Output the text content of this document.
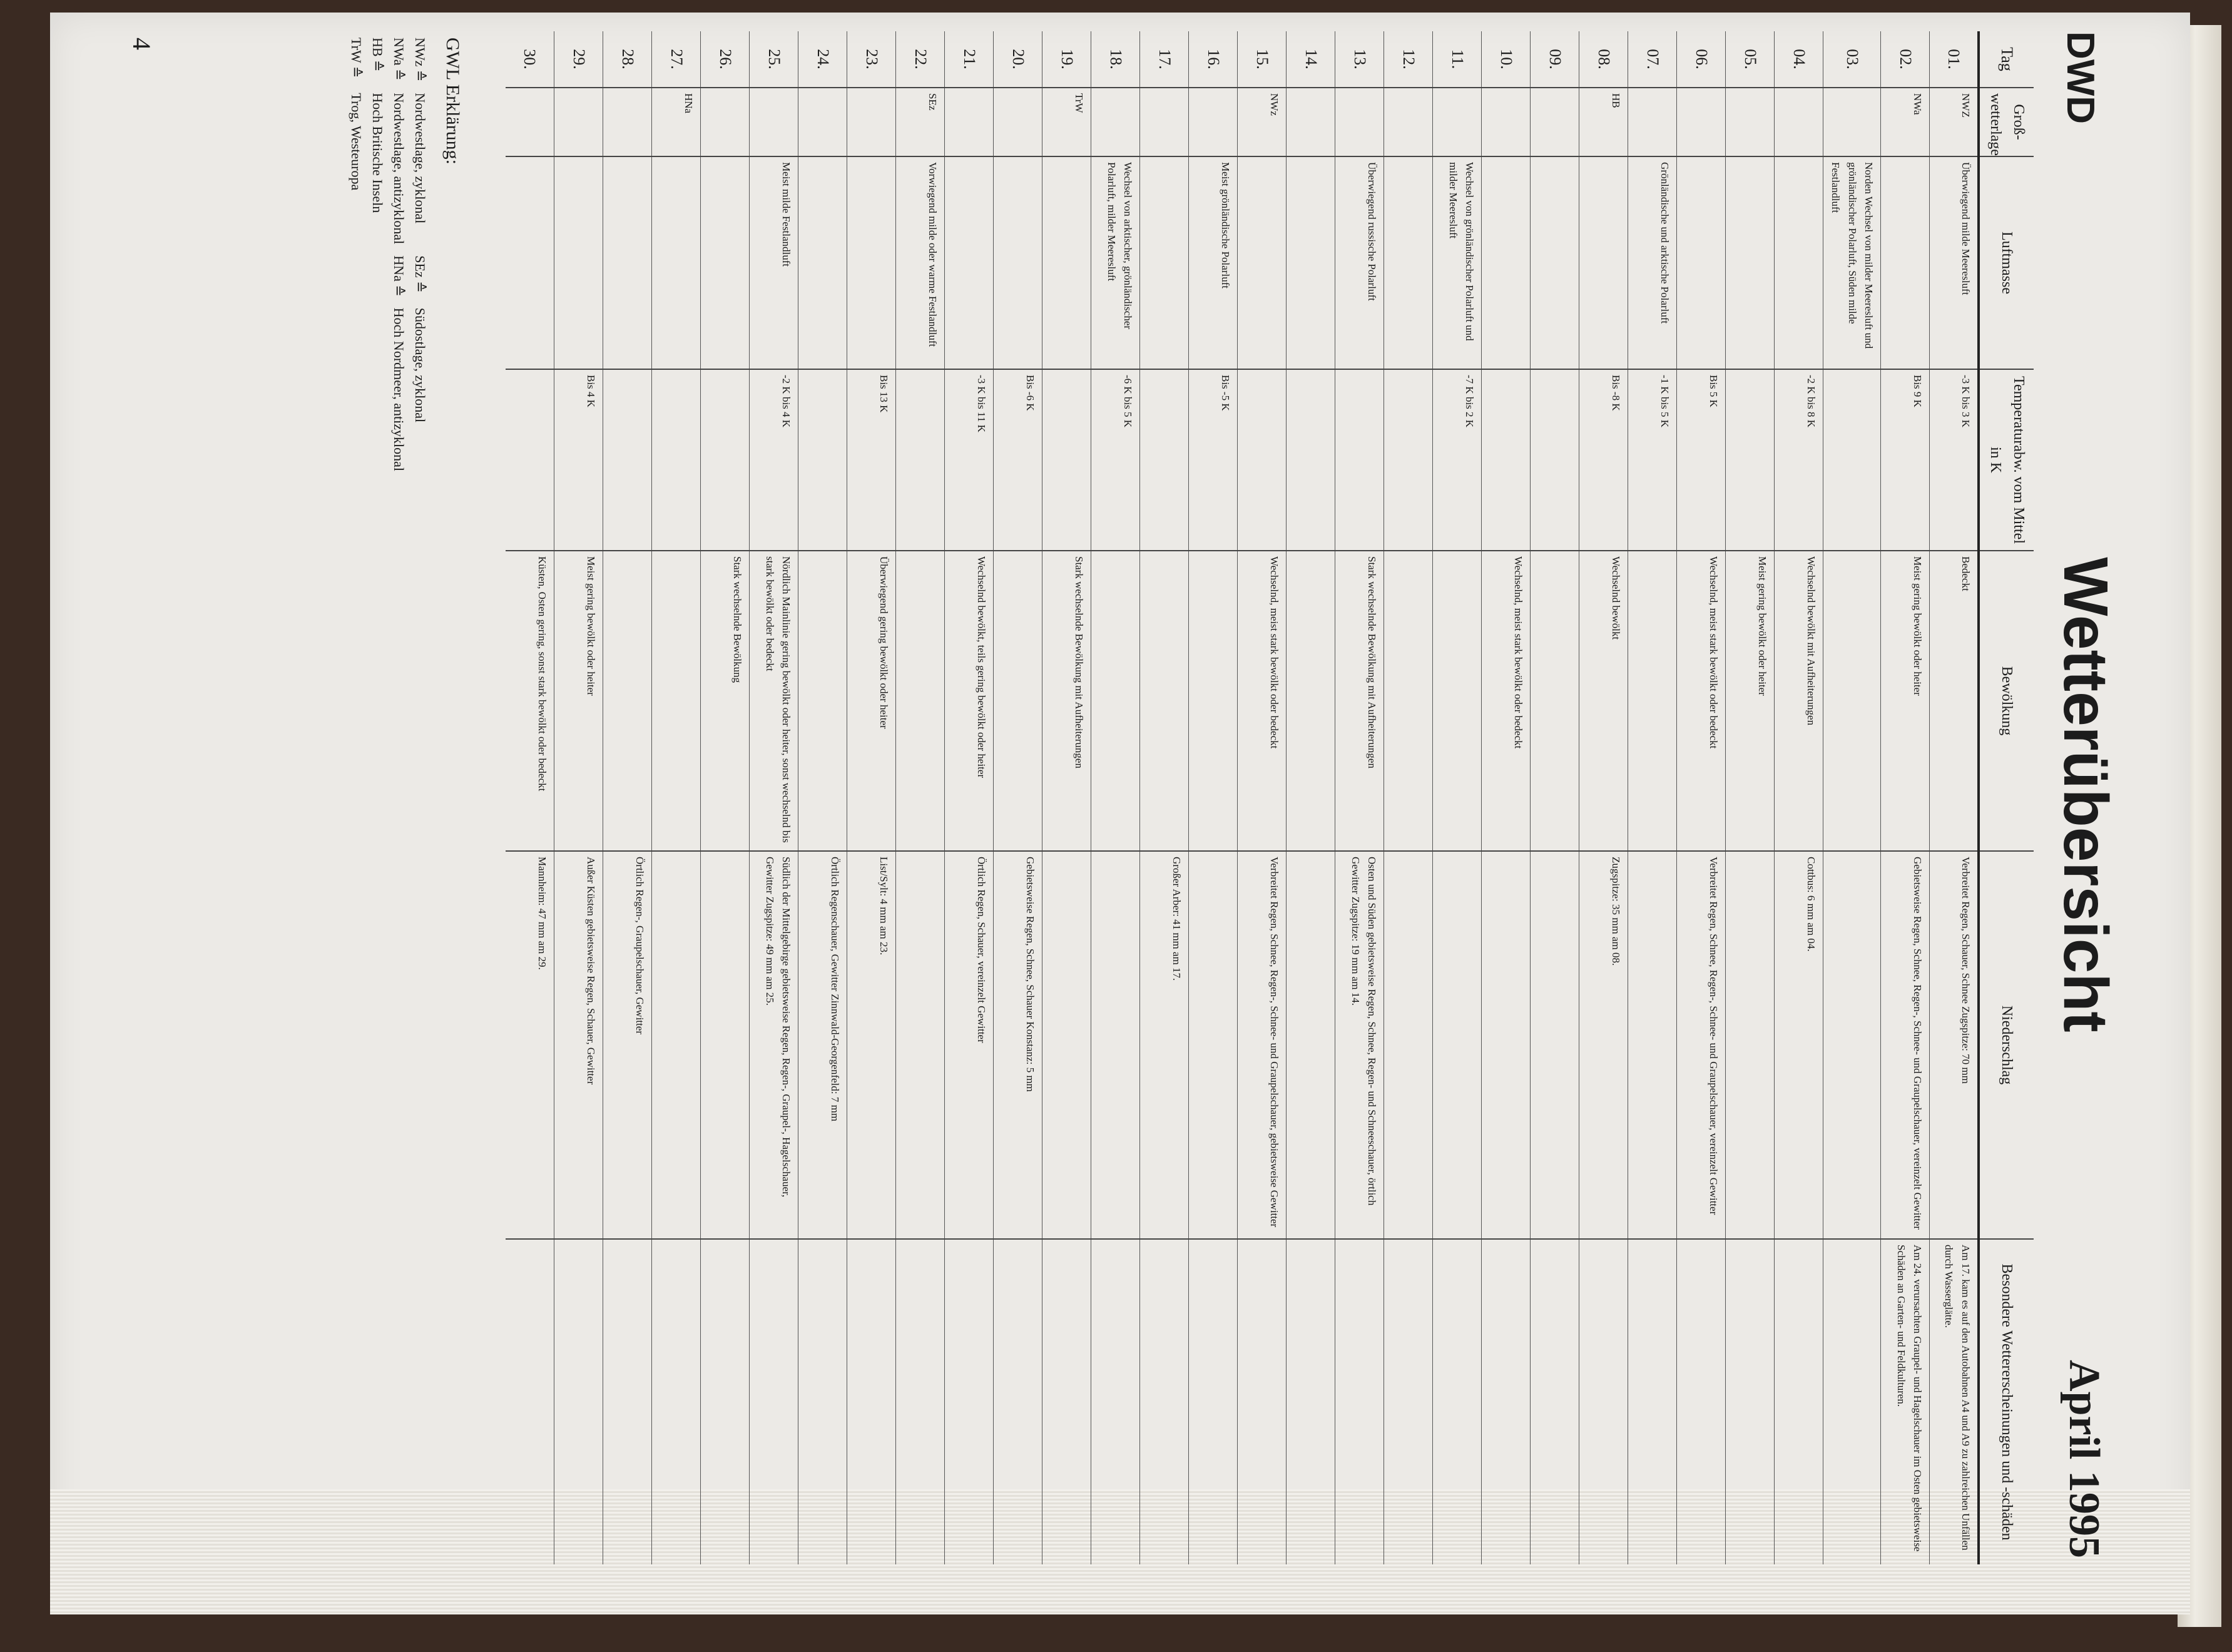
DWD
Wetterübersicht
April 1995
Tag	Groß-wetterlage	Luftmasse	Temperaturabw. vom Mittel in K	Bewölkung	Niederschlag	Besondere Wettererscheinungen und -schäden
01.	NWZ	Überwiegend milde Meeresluft	-3 K bis 3 K	Bedeckt	Verbreitet Regen, Schauer, Schnee Zugspitze: 70 mm	Am 17. kam es auf den Autobahnen A4 und A9 zu zahlreichen Unfällen durch Wasserglätte.
02.	NWa		Bis 9 K	Meist gering bewölkt oder heiter	Gebietsweise Regen, Schnee, Regen-, Schnee- und Graupelschauer, vereinzelt Gewitter	Am 24. verursachten Graupel- und Hagelschauer im Osten gebietsweise Schäden an Garten- und Feldkulturen.
03.		Norden Wechsel von milder Meeresluft und grönländischer Polarluft, Süden milde Festlandluft				
04.			-2 K bis 8 K	Wechselnd bewölkt mit Aufheiterungen	Cottbus: 6 mm am 04.	
05.				Meist gering bewölkt oder heiter		
06.			Bis 5 K	Wechselnd, meist stark bewölkt oder bedeckt	Verbreitet Regen, Schnee, Regen-, Schnee- und Graupelschauer, vereinzelt Gewitter	
07.		Grönländische und arktische Polarluft	-1 K bis 5 K			
08.	HB		Bis -8 K	Wechselnd bewölkt	Zugspitze: 35 mm am 08.	
09.						
10.				Wechselnd, meist stark bewölkt oder bedeckt		
11.		Wechsel von grönländischer Polarluft und milder Meeresluft	-7 K bis 2 K			
12.						
13.		Überwiegend russische Polarluft		Stark wechselnde Bewölkung mit Aufheiterungen	Osten und Süden gebietsweise Regen, Schnee, Regen- und Schneeschauer, örtlich Gewitter Zugspitze: 19 mm am 14.	
14.						
15.	NWz			Wechselnd, meist stark bewölkt oder bedeckt	Verbreitet Regen, Schnee, Regen-, Schnee- und Graupelschauer, gebietsweise Gewitter	
16.		Meist grönländische Polarluft	Bis -5 K			
17.					Großer Arber: 41 mm am 17.	
18.		Wechsel von arktischer, grönländischer Polarluft, milder Meeresluft	-6 K bis 5 K			
19.	TrW			Stark wechselnde Bewölkung mit Aufheiterungen		
20.			Bis -6 K		Gebietsweise Regen, Schnee, Schauer Konstanz: 5 mm	
21.			-3 K bis 11 K	Wechselnd bewölkt, teils gering bewölkt oder heiter	Örtlich Regen, Schauer, vereinzelt Gewitter	
22.	SEz	Vorwiegend milde oder warme Festlandluft				
23.			Bis 13 K	Überwiegend gering bewölkt oder heiter	List/Sylt: 4 mm am 23.	
24.					Örtlich Regenschauer, Gewitter Zinnwald-Georgenfeld: 7 mm	
25.		Meist milde Festlandluft	-2 K bis 4 K	Nördlich Mainlinie gering bewölkt oder heiter, sonst wechselnd bis stark bewölkt oder bedeckt	Südlich der Mittelgebirge gebietsweise Regen, Regen-, Graupel-, Hagelschauer, Gewitter Zugspitze: 49 mm am 25.	
26.				Stark wechselnde Bewölkung		
27.	HNa					
28.					Örtlich Regen-, Graupelschauer, Gewitter	
29.			Bis 4 K	Meist gering bewölkt oder heiter	Außer Küsten gebietsweise Regen, Schauer, Gewitter	
30.				Küsten, Osten gering, sonst stark bewölkt oder bedeckt	Mannheim: 47 mm am 29.	
GWL Erklärung:
NWz ≙	Nordwestlage, zyklonal	SEz ≙	Südostlage, zyklonal
NWa ≙	Nordwestlage, antizyklonal	HNa ≙	Hoch Nordmeer, antizyklonal
HB ≙	Hoch Britische Inseln		
TrW ≙	Trog, Westeuropa		
4
